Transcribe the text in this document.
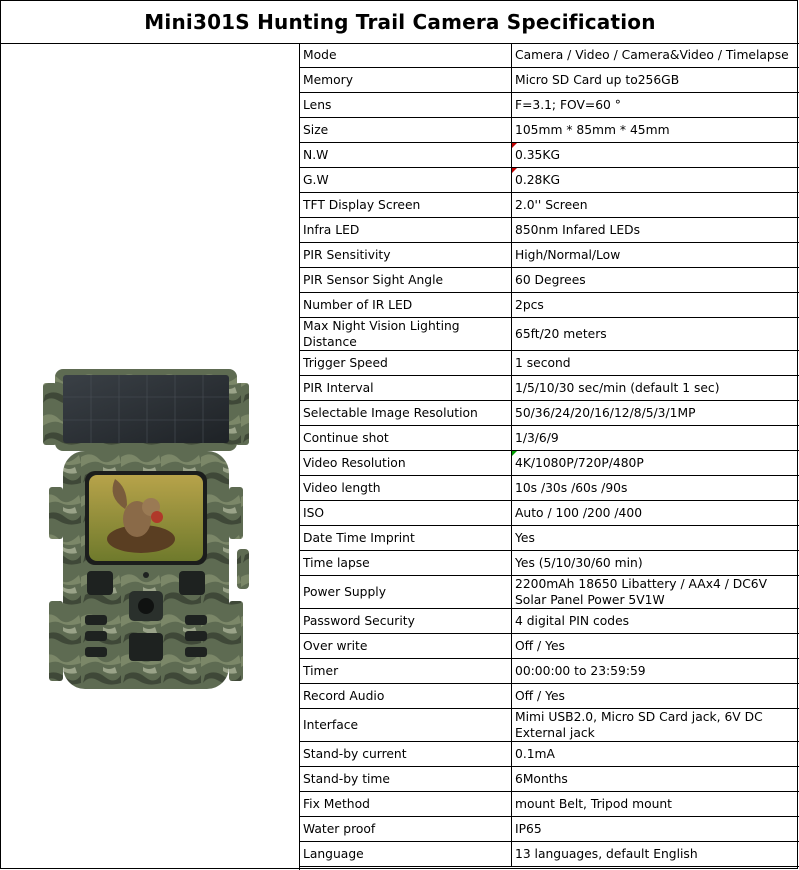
Mini301S Hunting Trail Camera Specification
Mode	Camera / Video / Camera&Video / Timelapse
Memory	Micro SD Card up to256GB
Lens	F=3.1; FOV=60 °
Size	105mm * 85mm * 45mm
N.W	0.35KG
G.W	0.28KG
TFT Display Screen	2.0'' Screen
Infra LED	850nm Infared LEDs
PIR Sensitivity	High/Normal/Low
PIR Sensor Sight Angle	60 Degrees
Number of IR LED	2pcs
Max Night Vision Lighting Distance	65ft/20 meters
Trigger Speed	1 second
PIR Interval	1/5/10/30 sec/min (default 1 sec)
Selectable Image Resolution	50/36/24/20/16/12/8/5/3/1MP
Continue shot	1/3/6/9
Video Resolution	4K/1080P/720P/480P
Video length	10s /30s /60s /90s
ISO	Auto / 100 /200 /400
Date Time Imprint	Yes
Time lapse	Yes (5/10/30/60 min)
Power Supply	2200mAh 18650 Libattery / AAx4 / DC6V Solar Panel Power 5V1W
Password Security	4 digital PIN codes
Over write	Off / Yes
Timer	00:00:00 to 23:59:59
Record Audio	Off / Yes
Interface	Mimi USB2.0, Micro SD Card jack, 6V DC External jack
Stand-by current	0.1mA
Stand-by time	6Months
Fix Method	mount Belt, Tripod mount
Water proof	IP65
Language	13 languages, default English
